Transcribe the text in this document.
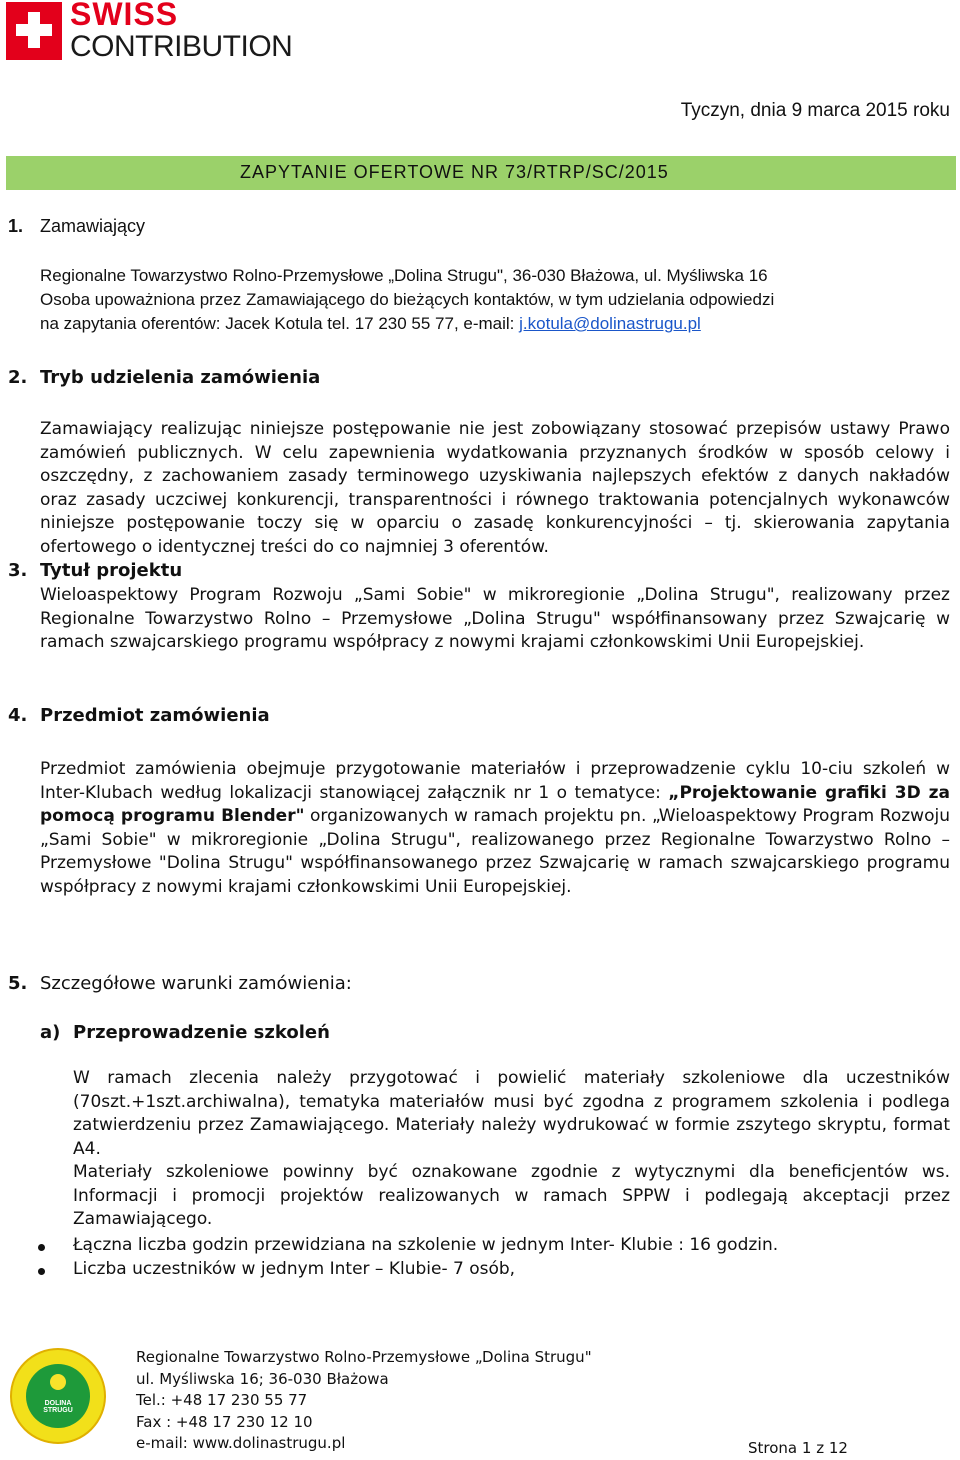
SWISS
CONTRIBUTION
Tyczyn, dnia 9 marca 2015 roku
ZAPYTANIE OFERTOWE NR 73/RTRP/SC/2015
1. Zamawiający
Regionalne Towarzystwo Rolno-Przemysłowe „Dolina Strugu", 36-030 Błażowa, ul. Myśliwska 16
Osoba upoważniona przez Zamawiającego do bieżących kontaktów, w tym udzielania odpowiedzi
na zapytania oferentów: Jacek Kotula tel. 17 230 55 77, e-mail: j.kotula@dolinastrugu.pl
2. Tryb udzielenia zamówienia
Zamawiający realizując niniejsze postępowanie nie jest zobowiązany stosować przepisów ustawy Prawo zamówień publicznych. W celu zapewnienia wydatkowania przyznanych środków w sposób celowy i oszczędny, z zachowaniem zasady terminowego uzyskiwania najlepszych efektów z danych nakładów oraz zasady uczciwej konkurencji, transparentności i równego traktowania potencjalnych wykonawców niniejsze postępowanie toczy się w oparciu o zasadę konkurencyjności – tj. skierowania zapytania ofertowego o identycznej treści do co najmniej 3 oferentów.
3. Tytuł projektu
Wieloaspektowy Program Rozwoju „Sami Sobie" w mikroregionie „Dolina Strugu", realizowany przez Regionalne Towarzystwo Rolno – Przemysłowe „Dolina Strugu" współfinansowany przez Szwajcarię w ramach szwajcarskiego programu współpracy z nowymi krajami członkowskimi Unii Europejskiej.
4. Przedmiot zamówienia
Przedmiot zamówienia obejmuje przygotowanie materiałów i przeprowadzenie cyklu 10-ciu szkoleń w Inter-Klubach według lokalizacji stanowiącej załącznik nr 1 o tematyce: „Projektowanie grafiki 3D za pomocą programu Blender" organizowanych w ramach projektu pn. „Wieloaspektowy Program Rozwoju „Sami Sobie" w mikroregionie „Dolina Strugu", realizowanego przez Regionalne Towarzystwo Rolno – Przemysłowe "Dolina Strugu" współfinansowanego przez Szwajcarię w ramach szwajcarskiego programu współpracy z nowymi krajami członkowskimi Unii Europejskiej.
5. Szczegółowe warunki zamówienia:
a) Przeprowadzenie szkoleń
W ramach zlecenia należy przygotować i powielić materiały szkoleniowe dla uczestników (70szt.+1szt.archiwalna), tematyka materiałów musi być zgodna z programem szkolenia i podlega zatwierdzeniu przez Zamawiającego. Materiały należy wydrukować w formie zszytego skryptu, format A4.
Materiały szkoleniowe powinny być oznakowane zgodnie z wytycznymi dla beneficjentów ws. Informacji i promocji projektów realizowanych w ramach SPPW i podlegają akceptacji przez Zamawiającego.
Łączna liczba godzin przewidziana na szkolenie w jednym Inter- Klubie : 16 godzin.
Liczba uczestników w jednym Inter – Klubie- 7 osób,
DOLINA STRUGU
Regionalne Towarzystwo Rolno-Przemysłowe „Dolina Strugu"
ul. Myśliwska 16; 36-030 Błażowa
Tel.: +48 17 230 55 77
Fax : +48 17 230 12 10
e-mail: www.dolinastrugu.pl	Strona 1 z 12
